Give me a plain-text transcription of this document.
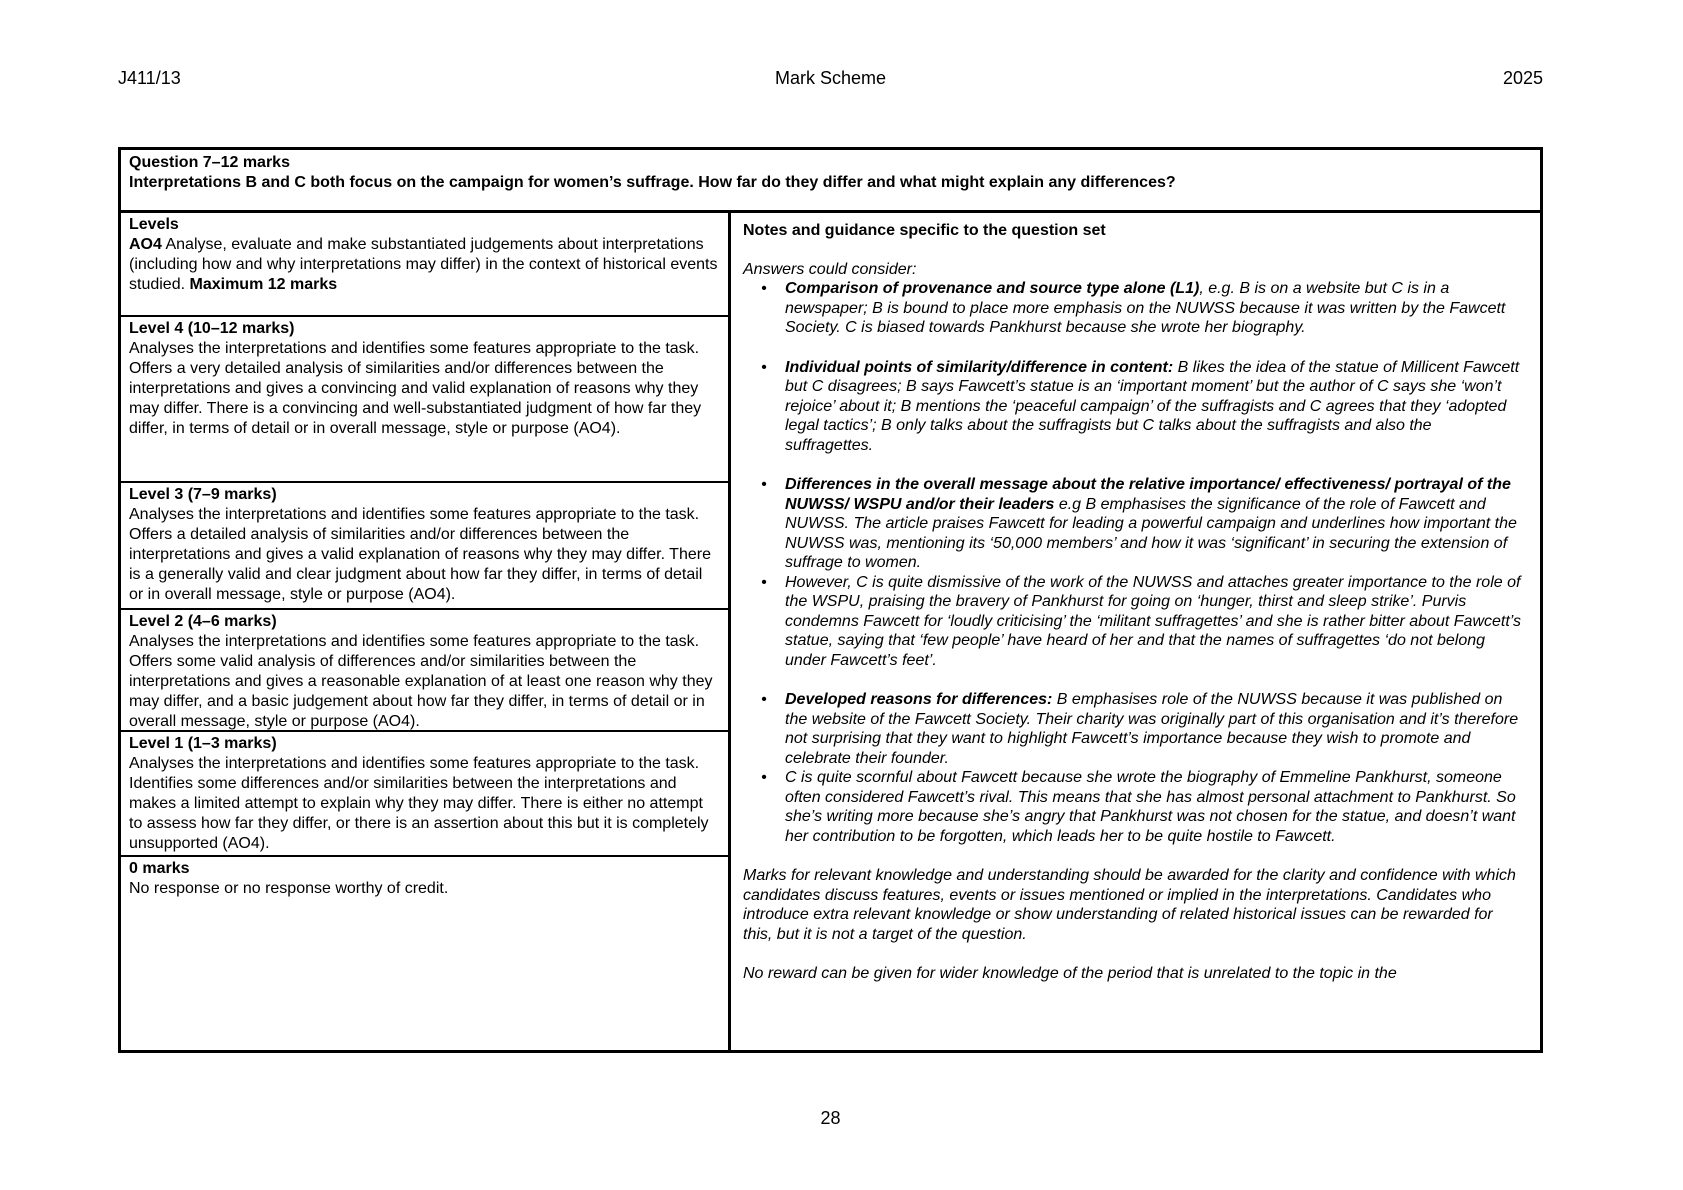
J411/13	Mark Scheme	2025
Question 7–12 marks
Interpretations B and C both focus on the campaign for women’s suffrage. How far do they differ and what might explain any differences?
Levels
AO4 Analyse, evaluate and make substantiated judgements about interpretations (including how and why interpretations may differ) in the context of historical events studied. Maximum 12 marks
Level 4 (10–12 marks)
Analyses the interpretations and identifies some features appropriate to the task. Offers a very detailed analysis of similarities and/or differences between the interpretations and gives a convincing and valid explanation of reasons why they may differ. There is a convincing and well-substantiated judgment of how far they differ, in terms of detail or in overall message, style or purpose (AO4).
Level 3 (7–9 marks)
Analyses the interpretations and identifies some features appropriate to the task. Offers a detailed analysis of similarities and/or differences between the interpretations and gives a valid explanation of reasons why they may differ. There is a generally valid and clear judgment about how far they differ, in terms of detail or in overall message, style or purpose (AO4).
Level 2 (4–6 marks)
Analyses the interpretations and identifies some features appropriate to the task. Offers some valid analysis of differences and/or similarities between the interpretations and gives a reasonable explanation of at least one reason why they may differ, and a basic judgement about how far they differ, in terms of detail or in overall message, style or purpose (AO4).
Level 1 (1–3 marks)
Analyses the interpretations and identifies some features appropriate to the task. Identifies some differences and/or similarities between the interpretations and makes a limited attempt to explain why they may differ. There is either no attempt to assess how far they differ, or there is an assertion about this but it is completely unsupported (AO4).
0 marks
No response or no response worthy of credit.
Notes and guidance specific to the question set
Answers could consider:
•	Comparison of provenance and source type alone (L1), e.g. B is on a website but C is in a newspaper; B is bound to place more emphasis on the NUWSS because it was written by the Fawcett Society. C is biased towards Pankhurst because she wrote her biography.
•	Individual points of similarity/difference in content: B likes the idea of the statue of Millicent Fawcett but C disagrees; B says Fawcett’s statue is an ‘important moment’ but the author of C says she ‘won’t rejoice’ about it; B mentions the ‘peaceful campaign’ of the suffragists and C agrees that they ‘adopted legal tactics’; B only talks about the suffragists but C talks about the suffragists and also the suffragettes.
•	Differences in the overall message about the relative importance/ effectiveness/ portrayal of the NUWSS/ WSPU and/or their leaders e.g B emphasises the significance of the role of Fawcett and NUWSS. The article praises Fawcett for leading a powerful campaign and underlines how important the NUWSS was, mentioning its ‘50,000 members’ and how it was ‘significant’ in securing the extension of suffrage to women.
•	However, C is quite dismissive of the work of the NUWSS and attaches greater importance to the role of the WSPU, praising the bravery of Pankhurst for going on ‘hunger, thirst and sleep strike’. Purvis condemns Fawcett for ‘loudly criticising’ the ‘militant suffragettes’ and she is rather bitter about Fawcett’s statue, saying that ‘few people’ have heard of her and that the names of suffragettes ‘do not belong under Fawcett’s feet’.
•	Developed reasons for differences: B emphasises role of the NUWSS because it was published on the website of the Fawcett Society. Their charity was originally part of this organisation and it’s therefore not surprising that they want to highlight Fawcett’s importance because they wish to promote and celebrate their founder.
•	C is quite scornful about Fawcett because she wrote the biography of Emmeline Pankhurst, someone often considered Fawcett’s rival. This means that she has almost personal attachment to Pankhurst. So she’s writing more because she’s angry that Pankhurst was not chosen for the statue, and doesn’t want her contribution to be forgotten, which leads her to be quite hostile to Fawcett.
Marks for relevant knowledge and understanding should be awarded for the clarity and confidence with which candidates discuss features, events or issues mentioned or implied in the interpretations. Candidates who introduce extra relevant knowledge or show understanding of related historical issues can be rewarded for this, but it is not a target of the question.
No reward can be given for wider knowledge of the period that is unrelated to the topic in the
28
